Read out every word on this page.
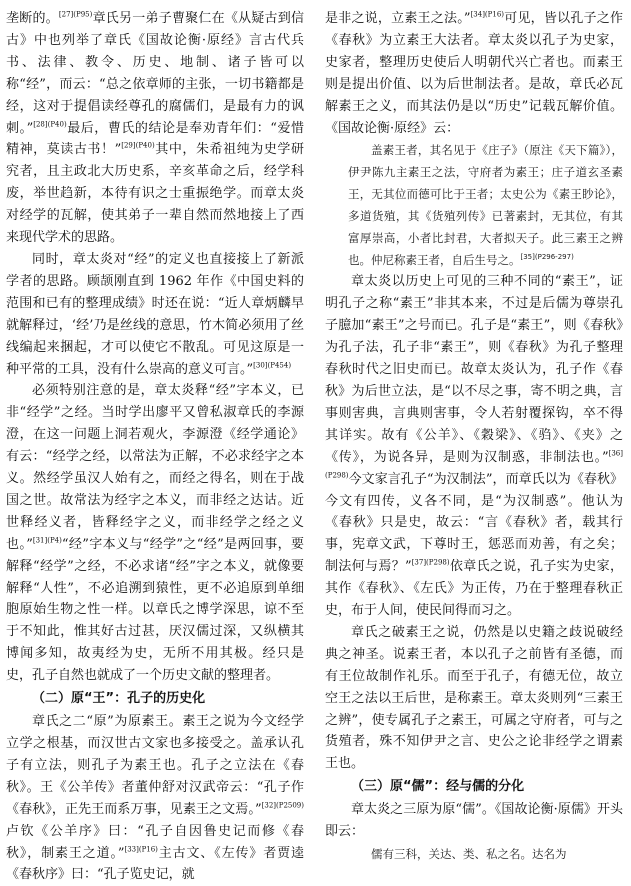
垄断的。$^{[27](P95)}$章氏另一弟子曹聚仁在《从疑古到信古》中也列举了章氏《国故论衡·原经》言古代兵书、法律、教令、历史、地制、诸子皆可以称“经”，而云：“总之依章师的主张，一切书籍都是经，这对于提倡读经尊孔的腐儒们，是最有力的讽刺。”$^{[28](P40)}$最后，曹氏的结论是奉劝青年们：“爱惜精神，莫读古书！”$^{[29](P40)}$其中，朱希祖纯为史学研究者，且主政北大历史系，辛亥革命之后，经学科废，举世趋新，本待有识之士重振绝学。而章太炎对经学的瓦解，使其弟子一辈自然而然地接上了西来现代学术的思路。

同时，章太炎对“经”的定义也直接接上了新派学者的思路。顾颉刚直到 1962 年作《中国史料的范围和已有的整理成绩》时还在说：“近人章炳麟早就解释过，‘经’乃是丝线的意思，竹木简必须用了丝线编起来捆起，才可以使它不散乱。可见这原是一种平常的工具，没有什么崇高的意义可言。”$^{[30](P454)}$

必须特别注意的是，章太炎释“经”字本义，已非“经学”之经。当时学出廖平又曾私淑章氏的李源澄，在这一问题上洞若观火，李源澄《经学通论》有云：“经学之经，以常法为正解，不必求经字之本义。然经学虽汉人始有之，而经之得名，则在于战国之世。故常法为经字之本义，而非经之达诂。近世释经义者，皆释经字之义，而非经学之经之义也。”$^{[31](P4)}$“经”字本义与“经学”之“经”是两回事，要解释“经学”之经，不必求诸“经”字之本义，就像要解释“人性”，不必追溯到猿性，更不必追原到单细胞原始生物之性一样。以章氏之博学深思，谅不至于不知此，惟其好古过甚，厌汉儒过深，又纵横其博闻多知，故夷经为史，无所不用其极。经只是史，孔子自然也就成了一个历史文献的整理者。

（二）原“王”：孔子的历史化

章氏之二“原”为原素王。素王之说为今文经学立学之根基，而汉世古文家也多接受之。盖承认孔子有立法，则孔子为素王也。孔子之立法在《春秋》。王《公羊传》者董仲舒对汉武帝云：“孔子作《春秋》，正先王而系万事，见素王之文焉。”$^{[32](P2509)}$卢钦《公羊序》曰：“孔子自因鲁史记而修《春秋》，制素王之道。”$^{[33](P16)}$主古文、《左传》者贾逵《春秋序》曰：“孔子览史记，就

是非之说，立素王之法。”$^{[34](P16)}$可见，皆以孔子之作《春秋》为立素王大法者。章太炎以孔子为史家，史家者，整理历史使后人明朝代兴亡者也。而素王则是提出价值、以为后世制法者。是故，章氏必瓦解素王之义，而其法仍是以“历史”记载瓦解价值。《国故论衡·原经》云：

盖素王者，其名见于《庄子》（原注《天下篇》），伊尹陈九主素王之法，守府者为素王；庄子道玄圣素王，无其位而德可比于王者；太史公为《素王眇论》，多道货殖，其《货殖列传》已著素封，无其位，有其富厚崇高，小者比封君，大者拟天子。此三素王之辨也。仲尼称素王者，自后生号之。$^{[35](P296-297)}$

章太炎以历史上可见的三种不同的“素王”，证明孔子之称“素王”非其本来，不过是后儒为尊崇孔子臆加“素王”之号而已。孔子是“素王”，则《春秋》为孔子法，孔子非“素王”，则《春秋》为孔子整理春秋时代之旧史而已。故章太炎认为，孔子作《春秋》为后世立法，是“以不尽之事，寄不明之典，言事则害典，言典则害事，令人若射覆探钩，卒不得其详实。故有《公羊》、《穀梁》、《驺》、《夹》之《传》，为说各异，是则为汉制惑，非制法也。”$^{[36](P298)}$今文家言孔子“为汉制法”，而章氏以为《春秋》今文有四传，义各不同，是“为汉制惑”。他认为《春秋》只是史，故云：“言《春秋》者，载其行事，宪章文武，下尊时王，惩恶而劝善，有之矣；制法何与焉？”$^{[37](P298)}$依章氏之说，孔子实为史家，其作《春秋》、《左氏》为正传，乃在于整理春秋正史，布于人间，使民间得而习之。

章氏之破素王之说，仍然是以史籍之歧说破经典之神圣。说素王者，本以孔子之前皆有圣德，而有王位故制作礼乐。而至于孔子，有德无位，故立空王之法以王后世，是称素王。章太炎则列“三素王之辨”，使专属孔子之素王，可属之守府者，可与之货殖者，殊不知伊尹之言、史公之论非经学之谓素王也。

（三）原“儒”：经与儒的分化

章太炎之三原为原“儒”。《国故论衡·原儒》开头即云：

儒有三科，关达、类、私之名。达名为
